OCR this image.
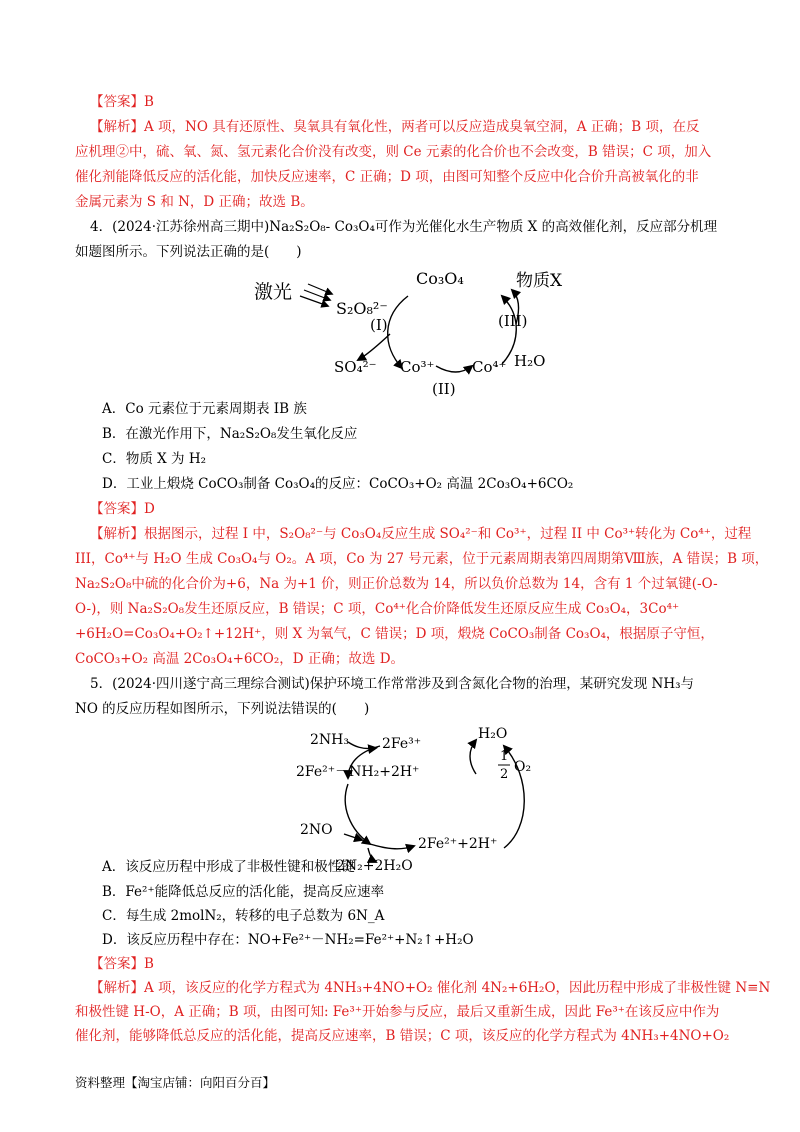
【答案】B
【解析】A 项，NO 具有还原性、臭氧具有氧化性，两者可以反应造成臭氧空洞，A 正确；B 项，在反
应机理②中，硫、氧、氮、氢元素化合价没有改变，则 Ce 元素的化合价也不会改变，B 错误；C 项，加入
催化剂能降低反应的活化能，加快反应速率，C 正确；D 项，由图可知整个反应中化合价升高被氧化的非
金属元素为 S 和 N，D 正确；故选 B。
4．(2024·江苏徐州高三期中)Na₂S₂O₈- Co₃O₄可作为光催化水生产物质 X 的高效催化剂，反应部分机理
如题图所示。下列说法正确的是(　　)
激光
S₂O₈²⁻
Co₃O₄	物质X
(I)	(III)
SO₄²⁻ Co³⁺	Co⁴⁺ H₂O
(II)
A．Co 元素位于元素周期表 IB 族
B．在激光作用下，Na₂S₂O₈发生氧化反应
C．物质 X 为 H₂
D．工业上煅烧 CoCO₃制备 Co₃O₄的反应：CoCO₃+O₂ 高温 2Co₃O₄+6CO₂
【答案】D
【解析】根据图示，过程 I 中，S₂O₈²⁻与 Co₃O₄反应生成 SO₄²⁻和 Co³⁺，过程 II 中 Co³⁺转化为 Co⁴⁺，过程
III，Co⁴⁺与 H₂O 生成 Co₃O₄与 O₂。A 项，Co 为 27 号元素，位于元素周期表第四周期第Ⅷ族，A 错误；B 项，
Na₂S₂O₈中硫的化合价为+6，Na 为+1 价，则正价总数为 14，所以负价总数为 14，含有 1 个过氧键(-O-
O-)，则 Na₂S₂O₈发生还原反应，B 错误；C 项，Co⁴⁺化合价降低发生还原反应生成 Co₃O₄，3Co⁴⁺
+6H₂O=Co₃O₄+O₂↑+12H⁺，则 X 为氧气，C 错误；D 项，煅烧 CoCO₃制备 Co₃O₄，根据原子守恒，
CoCO₃+O₂ 高温 2Co₃O₄+6CO₂，D 正确；故选 D。
5．(2024·四川遂宁高三理综合测试)保护环境工作常常涉及到含氮化合物的治理，某研究发现 NH₃与
NO 的反应历程如图所示，下列说法错误的(　　)
2NH₃ 2Fe³⁺
H₂O
2Fe²⁺－NH₂+2H⁺
1
2 O₂
2NO
2Fe²⁺+2H⁺
2N₂+2H₂O
A．该反应历程中形成了非极性键和极性键
B．Fe²⁺能降低总反应的活化能，提高反应速率
C．每生成 2molN₂，转移的电子总数为 6N_A
D．该反应历程中存在：NO+Fe²⁺－NH₂=Fe²⁺+N₂↑+H₂O
【答案】B
【解析】A 项，该反应的化学方程式为 4NH₃+4NO+O₂ 催化剂 4N₂+6H₂O，因此历程中形成了非极性键 N≡N
和极性键 H-O，A 正确；B 项，由图可知: Fe³⁺开始参与反应，最后又重新生成，因此 Fe³⁺在该反应中作为
催化剂，能够降低总反应的活化能，提高反应速率，B 错误；C 项，该反应的化学方程式为 4NH₃+4NO+O₂
资料整理【淘宝店铺：向阳百分百】
